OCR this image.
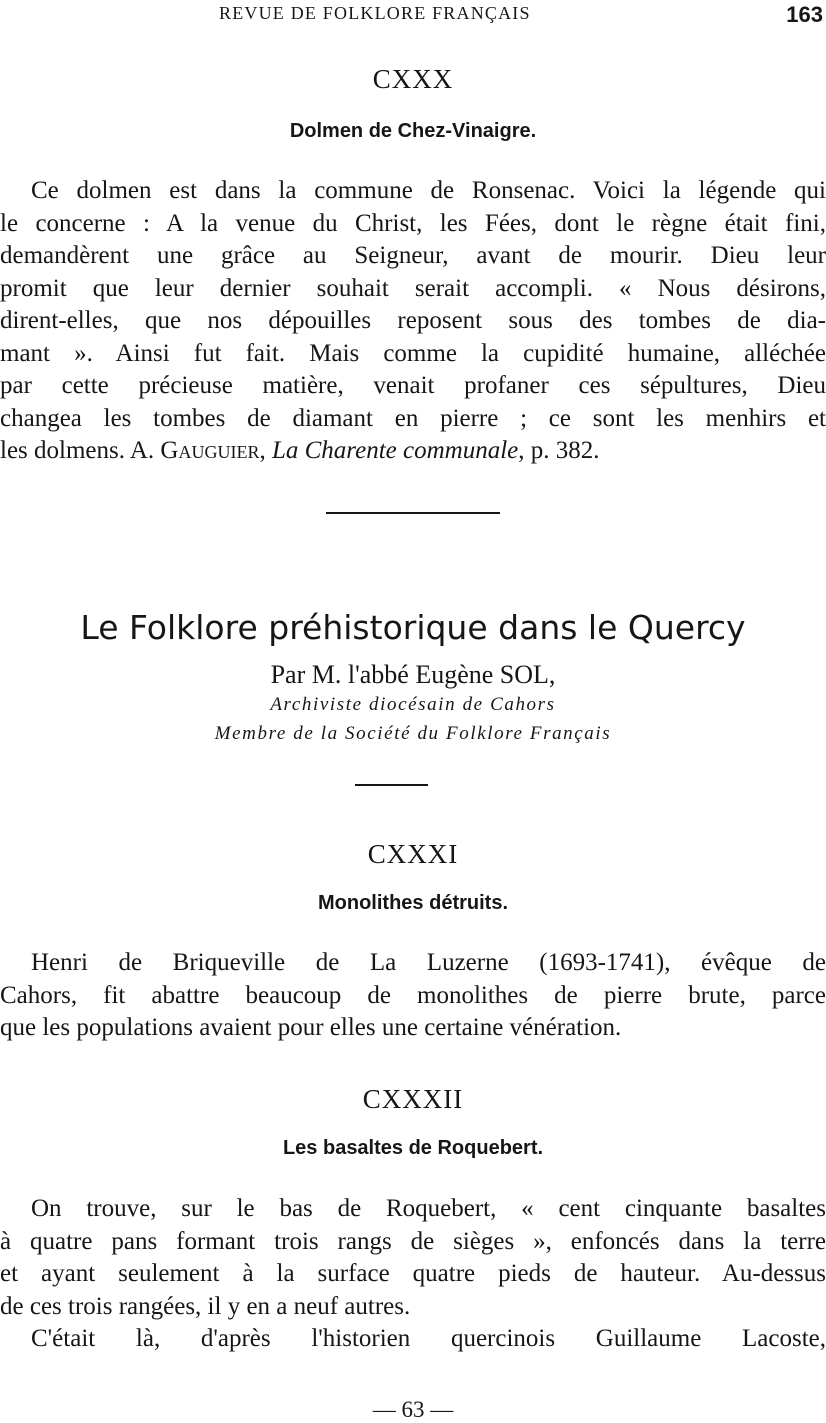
REVUE DE FOLKLORE FRANÇAIS	163
CXXX
Dolmen de Chez-Vinaigre.
Ce dolmen est dans la commune de Ronsenac. Voici la légende qui
le concerne : A la venue du Christ, les Fées, dont le règne était fini,
demandèrent une grâce au Seigneur, avant de mourir. Dieu leur
promit que leur dernier souhait serait accompli. « Nous désirons,
dirent-elles, que nos dépouilles reposent sous des tombes de dia-
mant ». Ainsi fut fait. Mais comme la cupidité humaine, alléchée
par cette précieuse matière, venait profaner ces sépultures, Dieu
changea les tombes de diamant en pierre ; ce sont les menhirs et
les dolmens. A. Gauguier, La Charente communale, p. 382.
Le Folklore préhistorique dans le Quercy
Par M. l'abbé Eugène SOL,
Archiviste diocésain de Cahors
Membre de la Société du Folklore Français
CXXXI
Monolithes détruits.
Henri de Briqueville de La Luzerne (1693-1741), évêque de
Cahors, fit abattre beaucoup de monolithes de pierre brute, parce
que les populations avaient pour elles une certaine vénération.
CXXXII
Les basaltes de Roquebert.
On trouve, sur le bas de Roquebert, « cent cinquante basaltes
à quatre pans formant trois rangs de sièges », enfoncés dans la terre
et ayant seulement à la surface quatre pieds de hauteur. Au-dessus
de ces trois rangées, il y en a neuf autres.
C'était là, d'après l'historien quercinois Guillaume Lacoste,
— 63 —
